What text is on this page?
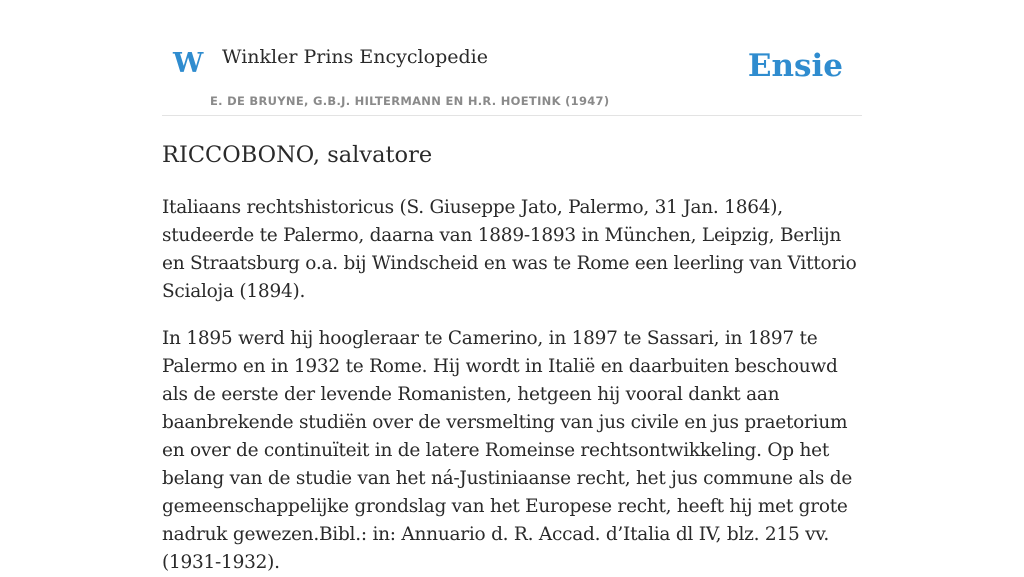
W Winkler Prins Encyclopedie
E. DE BRUYNE, G.B.J. HILTERMANN EN H.R. HOETINK (1947)
Ensie
RICCOBONO, salvatore

Italiaans rechtshistoricus (S. Giuseppe Jato, Palermo, 31 Jan. 1864), studeerde te Palermo, daarna van 1889-1893 in München, Leipzig, Berlijn en Straatsburg o.a. bij Windscheid en was te Rome een leerling van Vittorio Scialoja (1894).

In 1895 werd hij hoogleraar te Camerino, in 1897 te Sassari, in 1897 te Palermo en in 1932 te Rome. Hij wordt in Italië en daarbuiten beschouwd als de eerste der levende Romanisten, hetgeen hij vooral dankt aan baanbrekende studiën over de versmelting van jus civile en jus praetorium en over de continuïteit in de latere Romeinse rechtsontwikkeling. Op het belang van de studie van het ná-Justiniaanse recht, het jus commune als de gemeenschappelijke grondslag van het Europese recht, heeft hij met grote nadruk gewezen.Bibl.: in: Annuario d. R. Accad. d’Italia dl IV, blz. 215 vv. (1931-1932).
